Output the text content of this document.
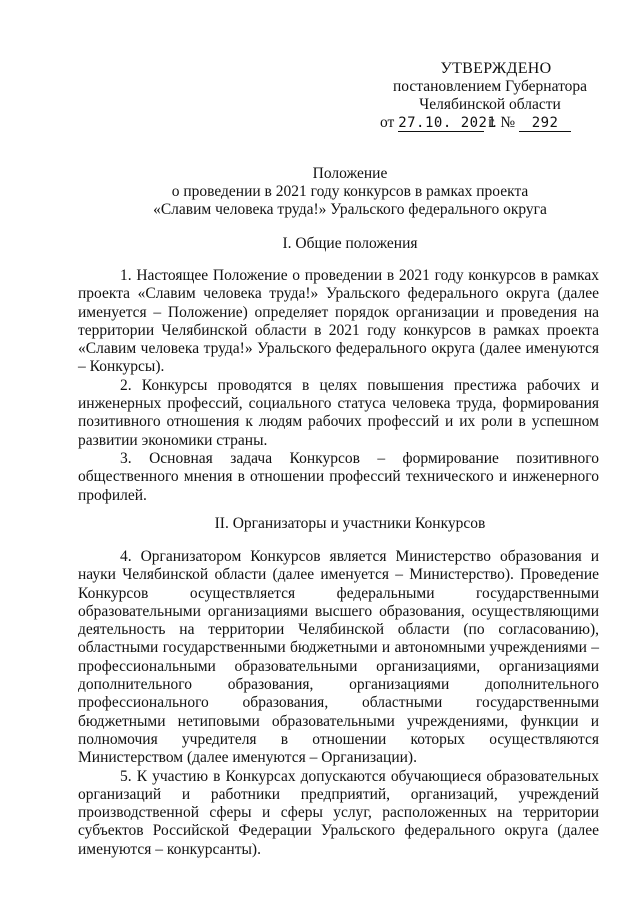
УТВЕРЖДЕНО
постановлением Губернатора
Челябинской области
от 27.10. 2021 г. № 292
Положение
о проведении в 2021 году конкурсов в рамках проекта
«Славим человека труда!» Уральского федерального округа
I. Общие положения

1. Настоящее Положение о проведении в 2021 году конкурсов в рамках проекта «Славим человека труда!» Уральского федерального округа (далее именуется – Положение) определяет порядок организации и проведения на территории Челябинской области в 2021 году конкурсов в рамках проекта «Славим человека труда!» Уральского федерального округа (далее именуются – Конкурсы).

2. Конкурсы проводятся в целях повышения престижа рабочих и инженерных профессий, социального статуса человека труда, формирования позитивного отношения к людям рабочих профессий и их роли в успешном развитии экономики страны.

3. Основная задача Конкурсов – формирование позитивного общественного мнения в отношении профессий технического и инженерного профилей.

II. Организаторы и участники Конкурсов

4. Организатором Конкурсов является Министерство образования и науки Челябинской области (далее именуется – Министерство). Проведение Конкурсов осуществляется федеральными государственными образовательными организациями высшего образования, осуществляющими деятельность на территории Челябинской области (по согласованию), областными государственными бюджетными и автономными учреждениями – профессиональными образовательными организациями, организациями дополнительного образования, организациями дополнительного профессионального образования, областными государственными бюджетными нетиповыми образовательными учреждениями, функции и полномочия учредителя в отношении которых осуществляются Министерством (далее именуются – Организации).

5. К участию в Конкурсах допускаются обучающиеся образовательных организаций и работники предприятий, организаций, учреждений производственной сферы и сферы услуг, расположенных на территории субъектов Российской Федерации Уральского федерального округа (далее именуются – конкурсанты).
